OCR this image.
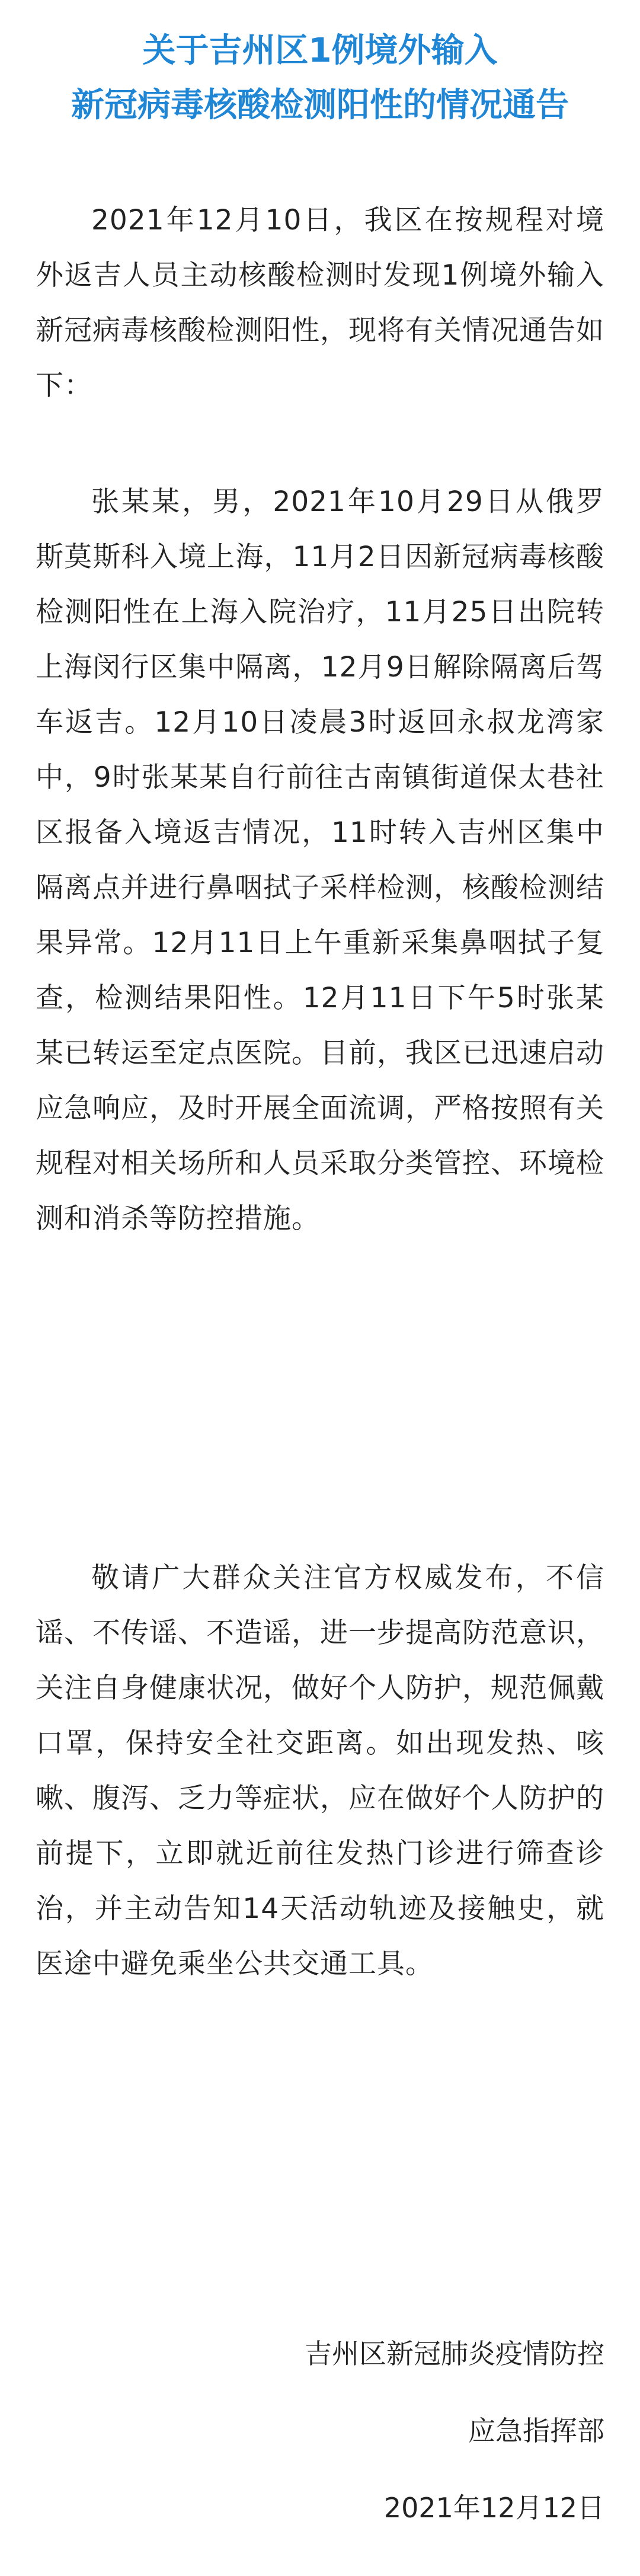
关于吉州区1例境外输入
新冠病毒核酸检测阳性的情况通告

2021年12月10日，我区在按规程对境外返吉人员主动核酸检测时发现1例境外输入新冠病毒核酸检测阳性，现将有关情况通告如下：

张某某，男，2021年10月29日从俄罗斯莫斯科入境上海，11月2日因新冠病毒核酸检测阳性在上海入院治疗，11月25日出院转上海闵行区集中隔离，12月9日解除隔离后驾车返吉。12月10日凌晨3时返回永叔龙湾家中，9时张某某自行前往古南镇街道保太巷社区报备入境返吉情况，11时转入吉州区集中隔离点并进行鼻咽拭子采样检测，核酸检测结果异常。12月11日上午重新采集鼻咽拭子复查，检测结果阳性。12月11日下午5时张某某已转运至定点医院。目前，我区已迅速启动应急响应，及时开展全面流调，严格按照有关规程对相关场所和人员采取分类管控、环境检测和消杀等防控措施。

敬请广大群众关注官方权威发布，不信谣、不传谣、不造谣，进一步提高防范意识，关注自身健康状况，做好个人防护，规范佩戴口罩，保持安全社交距离。如出现发热、咳嗽、腹泻、乏力等症状，应在做好个人防护的前提下，立即就近前往发热门诊进行筛查诊治，并主动告知14天活动轨迹及接触史，就医途中避免乘坐公共交通工具。

吉州区新冠肺炎疫情防控
应急指挥部
2021年12月12日
